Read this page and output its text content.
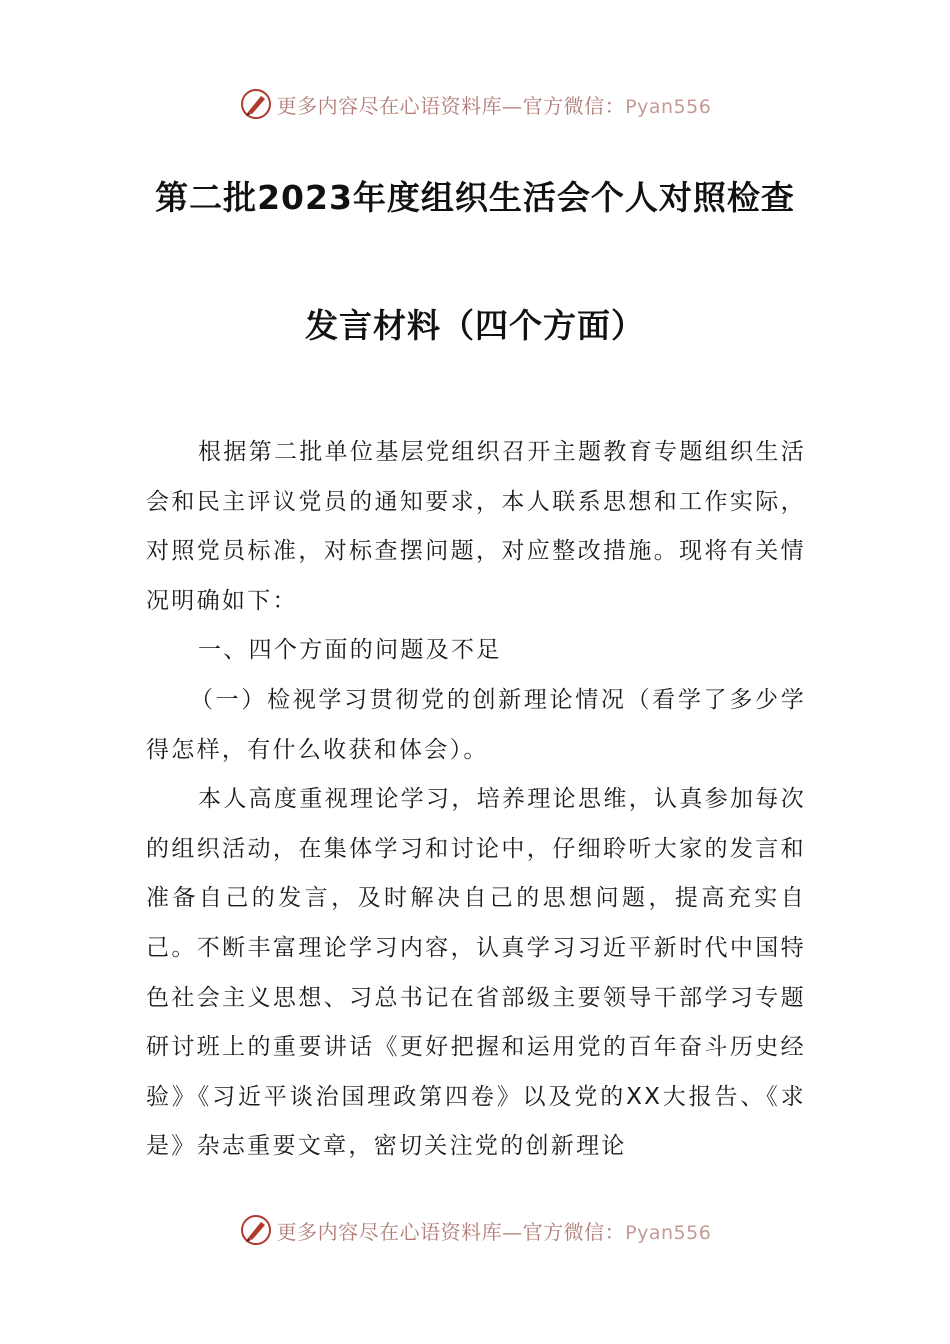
更多内容尽在心语资料库—官方微信：Pyan556
第二批2023年度组织生活会个人对照检查
发言材料（四个方面）

根据第二批单位基层党组织召开主题教育专题组织生活会和民主评议党员的通知要求，本人联系思想和工作实际，对照党员标准，对标查摆问题，对应整改措施。现将有关情况明确如下：

一、四个方面的问题及不足

（一）检视学习贯彻党的创新理论情况（看学了多少学得怎样，有什么收获和体会）。

本人高度重视理论学习，培养理论思维，认真参加每次的组织活动，在集体学习和讨论中，仔细聆听大家的发言和准备自己的发言，及时解决自己的思想问题，提高充实自己。不断丰富理论学习内容，认真学习习近平新时代中国特色社会主义思想、习总书记在省部级主要领导干部学习专题研讨班上的重要讲话《更好把握和运用党的百年奋斗历史经验》《习近平谈治国理政第四卷》以及党的XX大报告、《求是》杂志重要文章，密切关注党的创新理论

更多内容尽在心语资料库—官方微信：Pyan556
